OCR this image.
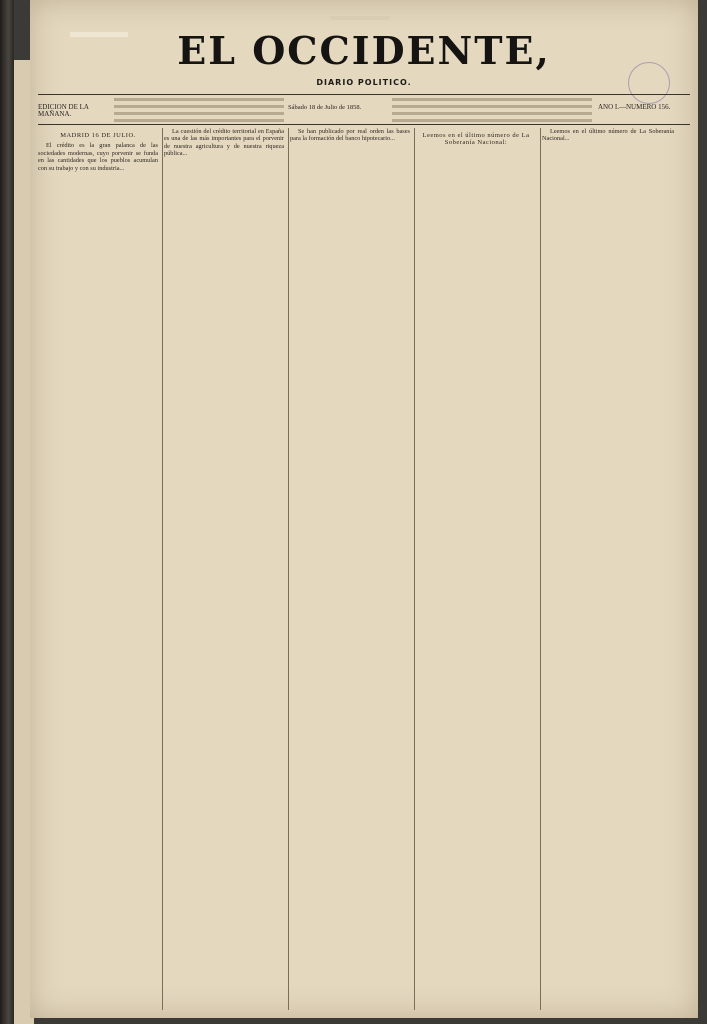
EL OCCIDENTE,
DIARIO POLITICO.
EDICION DE LA MAÑANA.
Sábado 18 de Julio de 1858.	AÑO I.—NUMERO 156.
MADRID 16 DE JULIO.

El crédito es la gran palanca de las sociedades modernas, cuyo porvenir se funda en las cantidades que los pueblos acumulan con su trabajo y con su industria...

La cuestión del crédito territorial en España es una de las más importantes para el porvenir de nuestra agricultura y de nuestra riqueza pública...

Se han publicado por real orden las bases para la formación del banco hipotecario...	Leemos en el último número de La Soberanía Nacional:

Leemos en el último número de La Soberanía Nacional...
